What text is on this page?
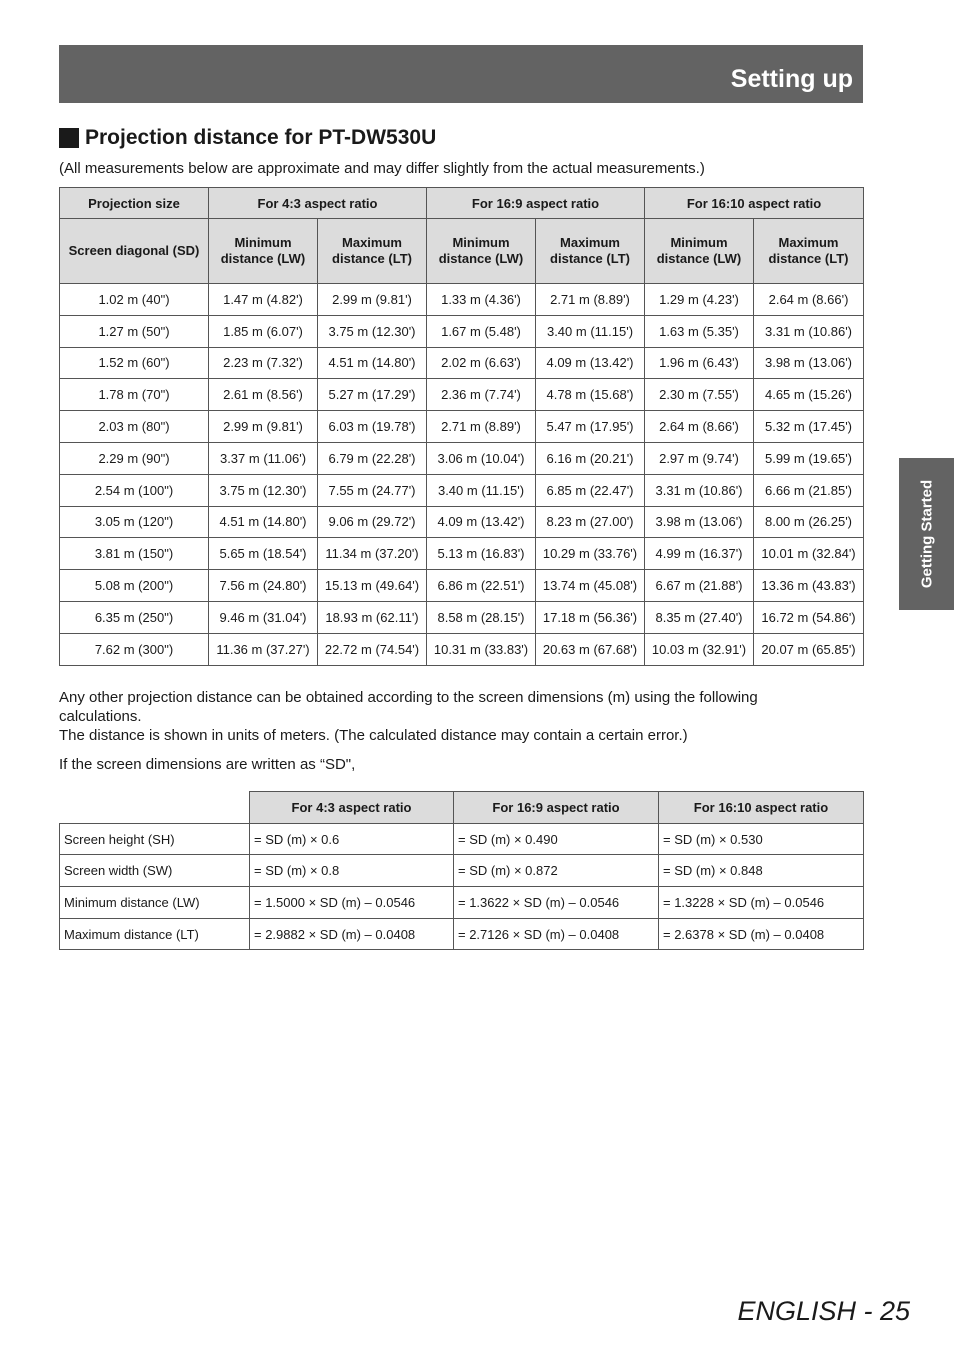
Setting up
Projection distance for PT-DW530U
(All measurements below are approximate and may differ slightly from the actual measurements.)
Projection size	For 4:3 aspect ratio		For 16:9 aspect ratio		For 16:10 aspect ratio	
Screen diagonal (SD)	Minimum distance (LW)	Maximum distance (LT)	Minimum distance (LW)	Maximum distance (LT)	Minimum distance (LW)	Maximum distance (LT)
1.02 m (40")	1.47 m (4.82')	2.99 m (9.81')	1.33 m (4.36')	2.71 m (8.89')	1.29 m (4.23')	2.64 m (8.66')
1.27 m (50")	1.85 m (6.07')	3.75 m (12.30')	1.67 m (5.48')	3.40 m (11.15')	1.63 m (5.35')	3.31 m (10.86')
1.52 m (60")	2.23 m (7.32')	4.51 m (14.80')	2.02 m (6.63')	4.09 m (13.42')	1.96 m (6.43')	3.98 m (13.06')
1.78 m (70")	2.61 m (8.56')	5.27 m (17.29')	2.36 m (7.74')	4.78 m (15.68')	2.30 m (7.55')	4.65 m (15.26')
2.03 m (80")	2.99 m (9.81')	6.03 m (19.78')	2.71 m (8.89')	5.47 m (17.95')	2.64 m (8.66')	5.32 m (17.45')
2.29 m (90")	3.37 m (11.06')	6.79 m (22.28')	3.06 m (10.04')	6.16 m (20.21')	2.97 m (9.74')	5.99 m (19.65')
2.54 m (100")	3.75 m (12.30')	7.55 m (24.77')	3.40 m (11.15')	6.85 m (22.47')	3.31 m (10.86')	6.66 m (21.85')
3.05 m (120")	4.51 m (14.80')	9.06 m (29.72')	4.09 m (13.42')	8.23 m (27.00')	3.98 m (13.06')	8.00 m (26.25')
3.81 m (150")	5.65 m (18.54')	11.34 m (37.20')	5.13 m (16.83')	10.29 m (33.76')	4.99 m (16.37')	10.01 m (32.84')
5.08 m (200")	7.56 m (24.80')	15.13 m (49.64')	6.86 m (22.51')	13.74 m (45.08')	6.67 m (21.88')	13.36 m (43.83')
6.35 m (250")	9.46 m (31.04')	18.93 m (62.11')	8.58 m (28.15')	17.18 m (56.36')	8.35 m (27.40')	16.72 m (54.86')
7.62 m (300")	11.36 m (37.27')	22.72 m (74.54')	10.31 m (33.83')	20.63 m (67.68')	10.03 m (32.91')	20.07 m (65.85')
Any other projection distance can be obtained according to the screen dimensions (m) using the following
calculations.
The distance is shown in units of meters. (The calculated distance may contain a certain error.)
If the screen dimensions are written as “SD",
	For 4:3 aspect ratio	For 16:9 aspect ratio	For 16:10 aspect ratio
Screen height (SH)	= SD (m) × 0.6	= SD (m) × 0.490	= SD (m) × 0.530
Screen width (SW)	= SD (m) × 0.8	= SD (m) × 0.872	= SD (m) × 0.848
Minimum distance (LW)	= 1.5000 × SD (m) – 0.0546	= 1.3622 × SD (m) – 0.0546	= 1.3228 × SD (m) – 0.0546
Maximum distance (LT)	= 2.9882 × SD (m) – 0.0408	= 2.7126 × SD (m) – 0.0408	= 2.6378 × SD (m) – 0.0408
Getting Started
ENGLISH - 25
